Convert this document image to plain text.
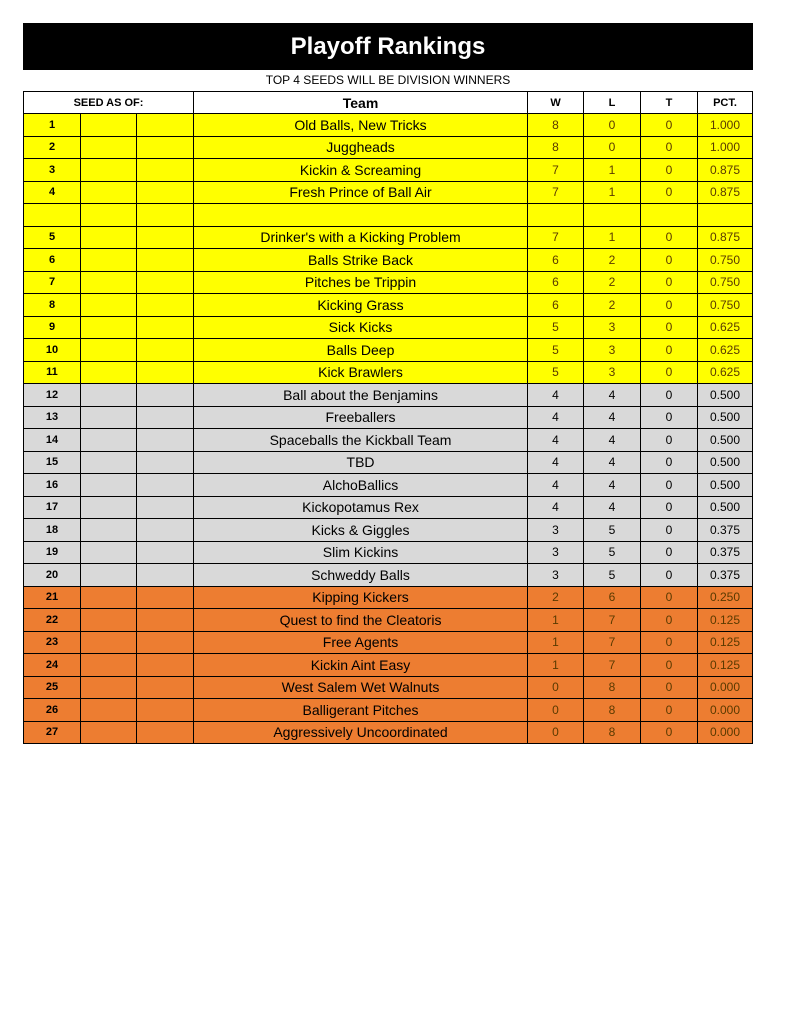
Playoff Rankings
TOP 4 SEEDS WILL BE DIVISION WINNERS
SEED AS OF:			Team	W	L	T	PCT.
1			Old Balls, New Tricks	8	0	0	1.000
2			Juggheads	8	0	0	1.000
3			Kickin & Screaming	7	1	0	0.875
4			Fresh Prince of Ball Air	7	1	0	0.875

5			Drinker's with a Kicking Problem	7	1	0	0.875
6			Balls Strike Back	6	2	0	0.750
7			Pitches be Trippin	6	2	0	0.750
8			Kicking Grass	6	2	0	0.750
9			Sick Kicks	5	3	0	0.625
10			Balls Deep	5	3	0	0.625
11			Kick Brawlers	5	3	0	0.625
12			Ball about the Benjamins	4	4	0	0.500
13			Freeballers	4	4	0	0.500
14			Spaceballs the Kickball Team	4	4	0	0.500
15			TBD	4	4	0	0.500
16			AlchoBallics	4	4	0	0.500
17			Kickopotamus Rex	4	4	0	0.500
18			Kicks & Giggles	3	5	0	0.375
19			Slim Kickins	3	5	0	0.375
20			Schweddy Balls	3	5	0	0.375
21			Kipping Kickers	2	6	0	0.250
22			Quest to find the Cleatoris	1	7	0	0.125
23			Free Agents	1	7	0	0.125
24			Kickin Aint Easy	1	7	0	0.125
25			West Salem Wet Walnuts	0	8	0	0.000
26			Balligerant Pitches	0	8	0	0.000
27			Aggressively Uncoordinated	0	8	0	0.000
